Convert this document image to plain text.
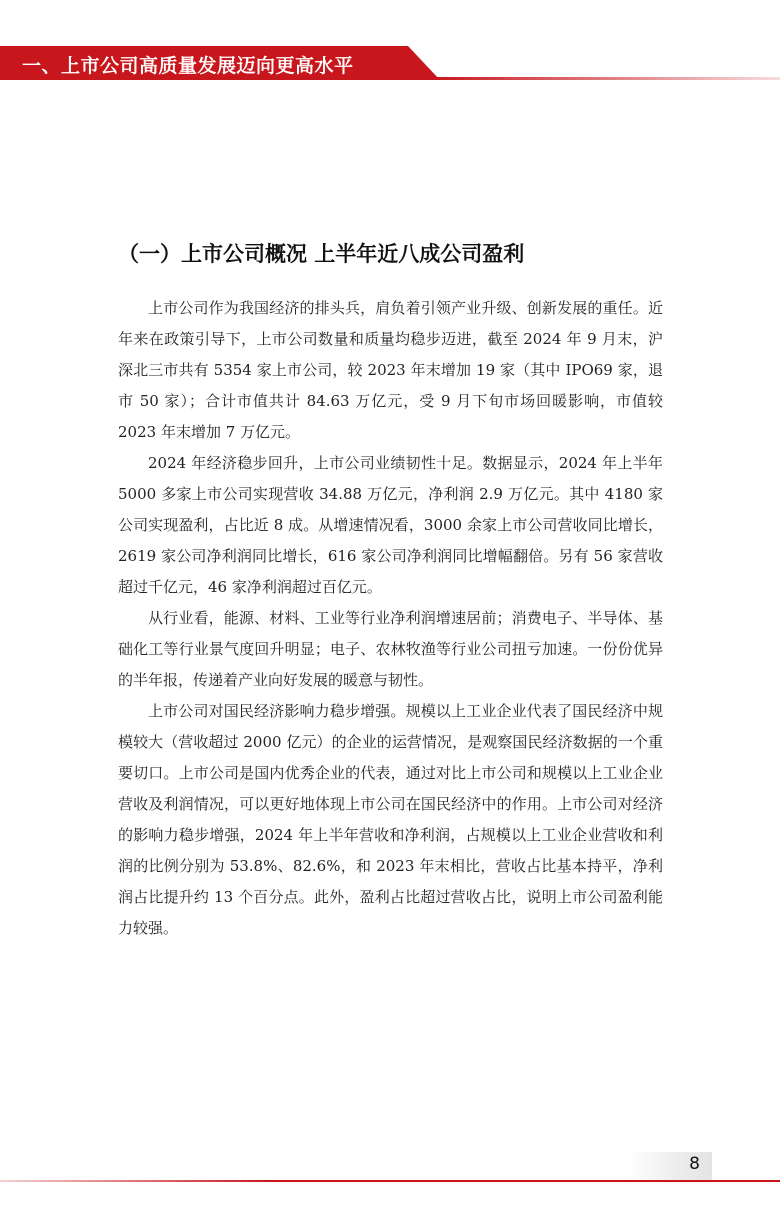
一、上市公司高质量发展迈向更高水平
（一）上市公司概况 上半年近八成公司盈利

上市公司作为我国经济的排头兵，肩负着引领产业升级、创新发展的重任。近年来在政策引导下，上市公司数量和质量均稳步迈进，截至 2024 年 9 月末，沪深北三市共有 5354 家上市公司，较 2023 年末增加 19 家（其中 IPO69 家，退市 50 家）；合计市值共计 84.63 万亿元，受 9 月下旬市场回暖影响，市值较 2023 年末增加 7 万亿元。

2024 年经济稳步回升，上市公司业绩韧性十足。数据显示，2024 年上半年 5000 多家上市公司实现营收 34.88 万亿元，净利润 2.9 万亿元。其中 4180 家公司实现盈利，占比近 8 成。从增速情况看，3000 余家上市公司营收同比增长，2619 家公司净利润同比增长，616 家公司净利润同比增幅翻倍。另有 56 家营收超过千亿元，46 家净利润超过百亿元。

从行业看，能源、材料、工业等行业净利润增速居前；消费电子、半导体、基础化工等行业景气度回升明显；电子、农林牧渔等行业公司扭亏加速。一份份优异的半年报，传递着产业向好发展的暖意与韧性。

上市公司对国民经济影响力稳步增强。规模以上工业企业代表了国民经济中规模较大（营收超过 2000 亿元）的企业的运营情况，是观察国民经济数据的一个重要切口。上市公司是国内优秀企业的代表，通过对比上市公司和规模以上工业企业营收及利润情况，可以更好地体现上市公司在国民经济中的作用。上市公司对经济的影响力稳步增强，2024 年上半年营收和净利润，占规模以上工业企业营收和利润的比例分别为 53.8%、82.6%，和 2023 年末相比，营收占比基本持平，净利润占比提升约 13 个百分点。此外，盈利占比超过营收占比，说明上市公司盈利能力较强。

8
